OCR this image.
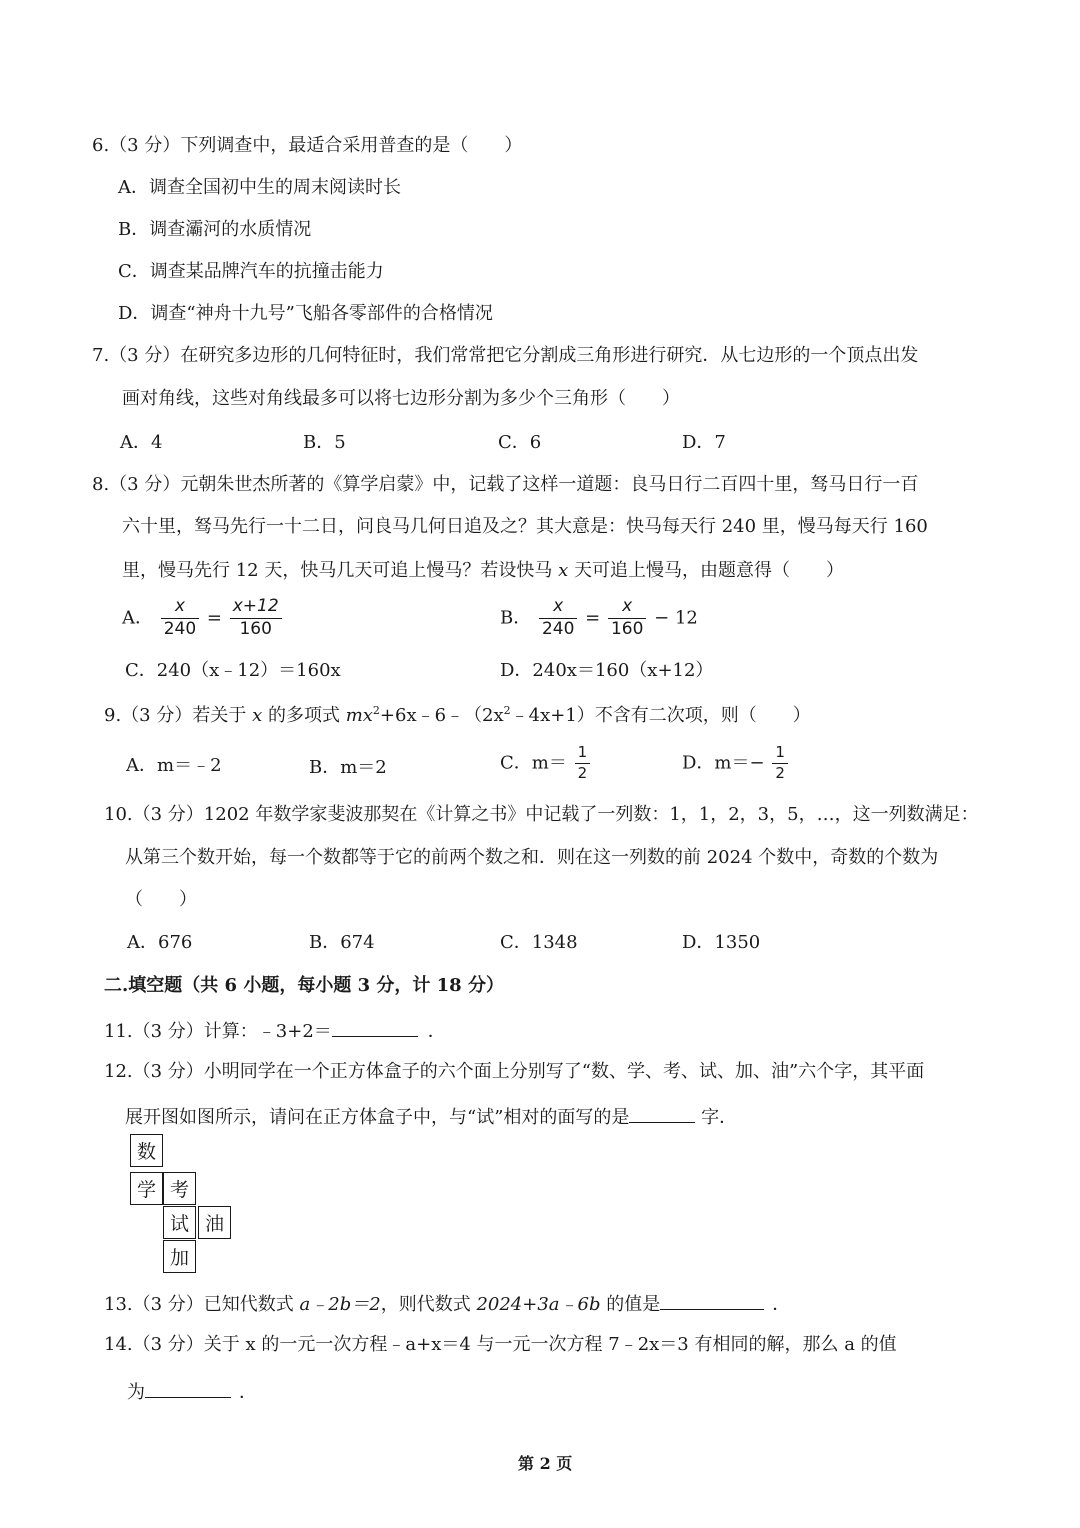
6.（3 分）下列调查中，最适合采用普查的是（　　）
A．调查全国初中生的周末阅读时长
B．调查灞河的水质情况
C．调查某品牌汽车的抗撞击能力
D．调查“神舟十九号”飞船各零部件的合格情况
7.（3 分）在研究多边形的几何特征时，我们常常把它分割成三角形进行研究．从七边形的一个顶点出发
画对角线，这些对角线最多可以将七边形分割为多少个三角形（　　）
A．4	B．5	C．6	D．7
8.（3 分）元朝朱世杰所著的《算学启蒙》中，记载了这样一道题：良马日行二百四十里，驽马日行一百
六十里，驽马先行一十二日，问良马几何日追及之？其大意是：快马每天行 240 里，慢马每天行 160
里，慢马先行 12 天，快马几天可追上慢马？若设快马 x 天可追上慢马，由题意得（　　）
A． $\frac{x}{240} = \frac{x+12}{160}$	B． $\frac{x}{240} = \frac{x}{160} - 12$
C．240（x﹣12）＝160x	D．240x＝160（x+12）
9.（3 分）若关于 x 的多项式 $mx^2+6x﹣6﹣(2x^2﹣4x+1)$不含有二次项，则（　　）
A．m＝﹣2	B．m＝2	C．$m= \frac{1}{2}$	D．$m=- \frac{1}{2}$
10.（3 分）1202 年数学家斐波那契在《计算之书》中记载了一列数：1，1，2，3，5，…，这一列数满足：
从第三个数开始，每一个数都等于它的前两个数之和．则在这一列数的前 2024 个数中，奇数的个数为
（　　）
A．676	B．674	C．1348	D．1350
二.填空题（共 6 小题，每小题 3 分，计 18 分）
11.（3 分）计算：﹣3+2＝	．
12.（3 分）小明同学在一个正方体盒子的六个面上分别写了“数、学、考、试、加、油”六个字，其平面
展开图如图所示，请问在正方体盒子中，与“试”相对的面写的是	字．
数
学 考
试 油
加
13.（3 分）已知代数式 a﹣2b＝2，则代数式 2024+3a﹣6b 的值是	．
14.（3 分）关于 x 的一元一次方程﹣a+x＝4 与一元一次方程 7﹣2x＝3 有相同的解，那么 a 的值
为	．
第 2 页
